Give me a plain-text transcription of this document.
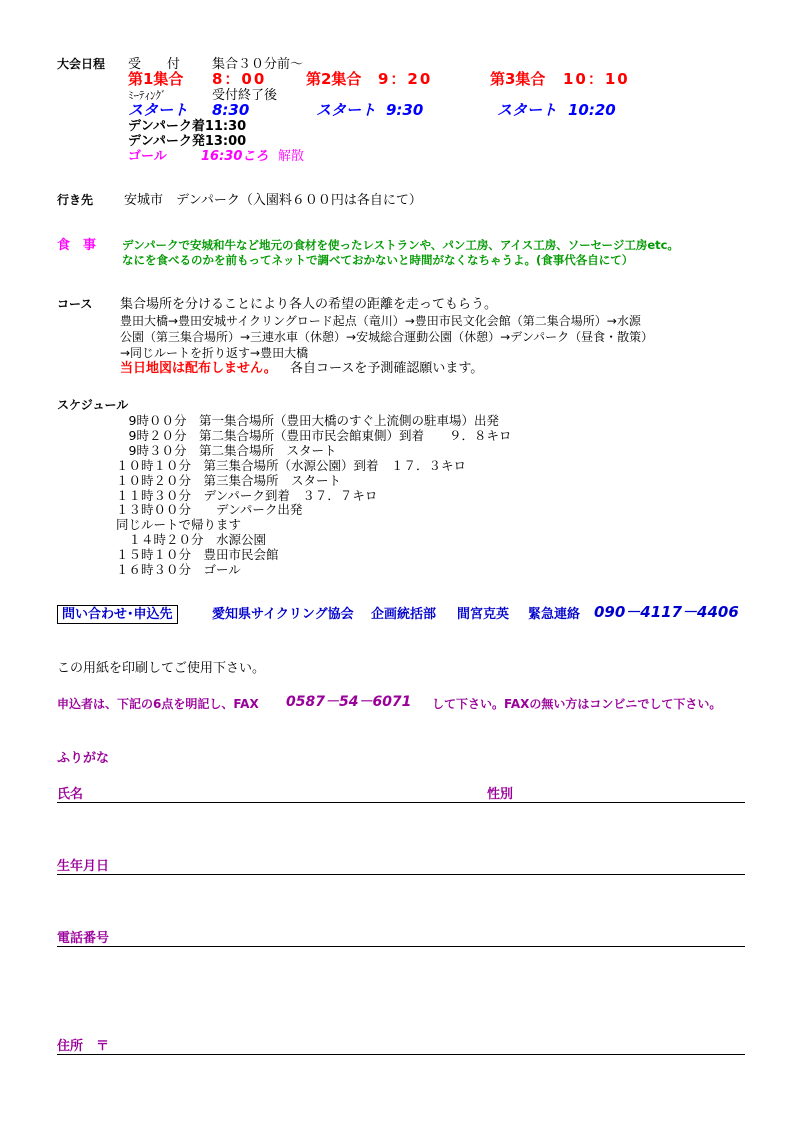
大会日程 受　　付 集合３０分前～
第1集合 8：00	第2集合 9：20	第3集合 10：10
ﾐｰﾃｨﾝｸﾞ	受付終了後
スタート 8:30	スタート 9:30	スタート 10:20
デンパーク着11:30
デンパーク発13:00
ゴール	16:30ころ 解散
行き先 安城市　デンパーク（入園料６００円は各自にて）
食　事 デンパークで安城和牛など地元の食材を使ったレストランや、パン工房、アイス工房、ソーセージ工房etc。
なにを食べるのかを前もってネットで調べておかないと時間がなくなちゃうよ。(食事代各自にて）
コース 集合場所を分けることにより各人の希望の距離を走ってもらう。
豊田大橋→豊田安城サイクリングロード起点（竜川）→豊田市民文化会館（第二集合場所）→水源
公園（第三集合場所）→三連水車（休憩）→安城総合運動公園（休憩）→デンパーク（昼食・散策）
→同じルートを折り返す→豊田大橋
当日地図は配布しません。 各自コースを予測確認願います。
スケジュール
　9時００分　第一集合場所（豊田大橋のすぐ上流側の駐車場）出発
　9時２０分　第二集合場所（豊田市民会館東側）到着　　９．８キロ
　9時３０分　第二集合場所　スタート
１０時１０分　第三集合場所（水源公園）到着　１７．３キロ
１０時２０分　第三集合場所　スタート
１１時３０分　デンパーク到着　３７．７キロ
１３時００分　　デンパーク出発
同じルートで帰ります
　１４時２０分　水源公園
１５時１０分　豊田市民会館
１６時３０分　ゴール
問い合わせ･申込先	愛知県サイクリング協会 企画統括部 間宮克英 緊急連絡 090－4117－4406
この用紙を印刷してご使用下さい。
申込者は、下記の6点を明記し、FAX 0587－54－6071 して下さい。FAXの無い方はコンビニでして下さい。
ふりがな
氏名	性別
生年月日
電話番号
住所　〒
